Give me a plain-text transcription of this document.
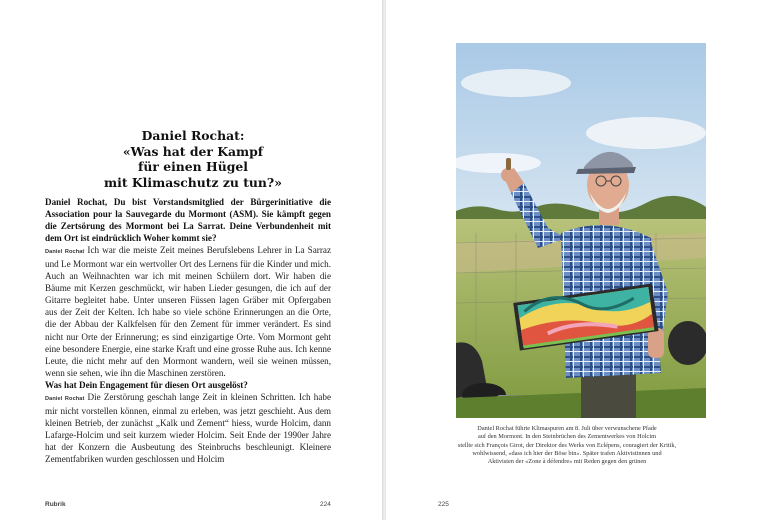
Daniel Rochat:
«Was hat der Kampf
für einen Hügel
mit Klimaschutz zu tun?»

Daniel Rochat, Du bist Vorstandsmitglied der Bürgerinitiative die Association pour la Sauvegarde du Mormont (ASM). Sie kämpft gegen die Zertsörung des Mormont bei La Sarrat. Deine Verbundenheit mit dem Ort ist eindrücklich Woher kommt sie?

Daniel Rochat Ich war die meiste Zeit meines Berufslebens Lehrer in La Sarraz und Le Mormont war ein wertvoller Ort des Lernens für die Kinder und mich. Auch an Weihnachten war ich mit meinen Schülern dort. Wir haben die Bäume mit Kerzen geschmückt, wir haben Lieder gesungen, die ich auf der Gitarre begleitet habe. Unter unseren Füssen lagen Gräber mit Opfergaben aus der Zeit der Kelten. Ich habe so viele schöne Erinnerungen an die Orte, die der Abbau der Kalkfelsen für den Zement für immer verändert. Es sind nicht nur Orte der Erinnerung; es sind einzigartige Orte. Vom Mormont geht eine besondere Energie, eine starke Kraft und eine grosse Ruhe aus. Ich kenne Leute, die nicht mehr auf den Mormont wandern, weil sie weinen müssen, wenn sie sehen, wie ihn die Maschinen zerstören.

Was hat Dein Engagement für diesen Ort ausgelöst?

Daniel Rochat Die Zerstörung geschah lange Zeit in kleinen Schritten. Ich habe mir nicht vorstellen können, einmal zu erleben, was jetzt geschieht. Aus dem kleinen Betrieb, der zunächst „Kalk und Zement“ hiess, wurde Holcim, dann Lafarge-Holcim und seit kurzem wieder Holcim. Seit Ende der 1990er Jahre hat der Konzern die Ausbeutung des Steinbruchs beschleunigt. Kleinere Zementfabriken wurden geschlossen und Holcim

Rubrik	224

Daniel Rochat führte Klimaspuren am 8. Juli über verwunschene Pfade

auf den Mormont. In den Steinbrüchen des Zementwerkes von Holcim

stellte sich François Girot, der Direktor des Werks von Eclépens, couragiert der Kritik,

wohlwissend, «dass ich hier der Böse bin». Später trafen Aktivistinnen und

Aktivisten der «Zone à défendre» mit Reden gegen den grünen

225
